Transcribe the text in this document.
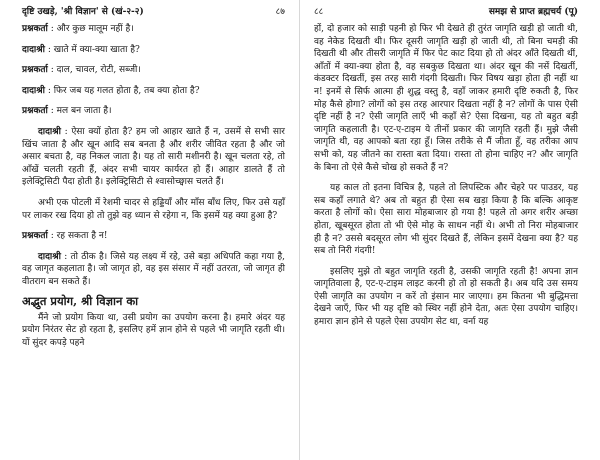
दृष्टि उखड़े, 'श्री विज्ञान' से (खं-२-२)	८७

प्रश्नकर्ता : और कुछ मालूम नहीं है।

दादाश्री : खाते में क्या-क्या खाता है?

प्रश्नकर्ता : दाल, चावल, रोटी, सब्जी।

दादाश्री : फिर जब यह गलत होता है, तब क्या होता है?

प्रश्नकर्ता : मल बन जाता है।

दादाश्री : ऐसा क्यों होता है? हम जो आहार खाते हैं न, उसमें से सभी सार खिंच जाता है और खून आदि सब बनता है और शरीर जीवित रहता है और जो असार बचता है, वह निकल जाता है। यह तो सारी मशीनरी है। खून चलता रहे, तो आँखें चलती रहती हैं, अंदर सभी चायर कार्यरत हो हैं। आहार डालते हैं तो इलेक्ट्रिसिटी पैदा होती है। इलेक्ट्रिसिटी से श्वासोच्छ्वास चलते हैं।

अभी एक पोटली में रेशमी चादर से हड्डियाँ और माँस बाँध लिए, फिर उसे यहाँ पर लाकर रख दिया हो तो तुझे वह ध्यान से रहेगा न, कि इसमें यह क्या हुआ है?

प्रश्नकर्ता : रह सकता है न!

दादाश्री : तो ठीक है। जिसे यह लक्ष्य में रहे, उसे बड़ा अधिपति कहा गया है, वह जागृत कहलाता है। जो जागृत हो, वह इस संसार में नहीं उतरता, जो जागृत ही वीतराग बन सकते हैं।

अद्भुत प्रयोग, श्री विज्ञान का

मैंने जो प्रयोग किया था, उसी प्रयोग का उपयोग करना है। हमारे अंदर यह प्रयोग निरंतर सेट हो रहता है, इसलिए हमें ज्ञान होने से पहले भी जागृति रहती थी। यों सुंदर कपड़े पहने

८८	समझ से प्राप्त ब्रह्मचर्य (पू)

हों, दो हजार को साड़ी पहनी हो फिर भी देखते ही तुरंत जागृति खड़ी हो जाती थी, वह नेकेड दिखती थी। फिर दूसरी जागृति खड़ी हो जाती थी, तो बिना चमड़ी की दिखती थी और तीसरी जागृति में फिर पेट काट दिया हो तो अंदर आँते दिखती थीं, आँतों में क्या-क्या होता है, वह सबकुछ दिखता था। अंदर खून की नसें दिखतीं, कंडक्टर दिखतीं, इस तरह सारी गंदगी दिखती। फिर विषय खड़ा होता ही नहीं था न! इनमें से सिर्फ आत्मा ही शुद्ध वस्तु है, वहाँ जाकर हमारी दृष्टि रुकती है, फिर मोह कैसे होगा? लोगों को इस तरह आरपार दिखता नहीं है न? लोगों के पास ऐसी दृष्टि नहीं है न? ऐसी जागृति लाएँ भी कहाँ से? ऐसा दिखना, यह तो बहुत बड़ी जागृति कहलाती है। एट-ए-टाइम ये तीनों प्रकार की जागृति रहती हैं। मुझे जैसी जागृति थी, वह आपको बता रहा हूँ। जिस तरीके से मैं जीता हूँ, वह तरीका आप सभी को, यह जीतने का रास्ता बता दिया। रास्ता तो होना चाहिए न? और जागृति के बिना तो ऐसे कैसे चोख हो सकते हैं न?

यह काल तो इतना विचित्र है, पहले तो लिपस्टिक और चेहरे पर पाउडर, यह सब कहाँ लगाते थे? अब तो बहुत ही ऐसा सब खड़ा किया है कि बल्कि आकृष्ट करता है लोगों को। ऐसा सारा मोहबाजार हो गया है! पहले तो अगर शरीर अच्छा होता, खूबसूरत होता तो भी ऐसे मोह के साधन नहीं थे। अभी तो निरा मोहबाजार ही है न? उससे बदसूरत लोग भी सुंदर दिखते हैं, लेकिन इसमें देखना क्या है? यह सब तो निरी गंदगी!

इसलिए मुझे तो बहुत जागृति रहती है, उसकी जागृति रहती है! अपना ज्ञान जागृतिवाला है, एट-ए-टाइम लाइट करनी हो तो हो सकती है। अब यदि उस समय ऐसी जागृति का उपयोग न करें तो इंसान मार जाएगा। हम कितना भी बुद्धिमत्ता देखने जाएँ, फिर भी यह दृष्टि को स्थिर नहीं होने देता, अतः ऐसा उपयोग चाहिए। हमारा ज्ञान होने से पहले ऐसा उपयोग सेट था, वर्ना यह
